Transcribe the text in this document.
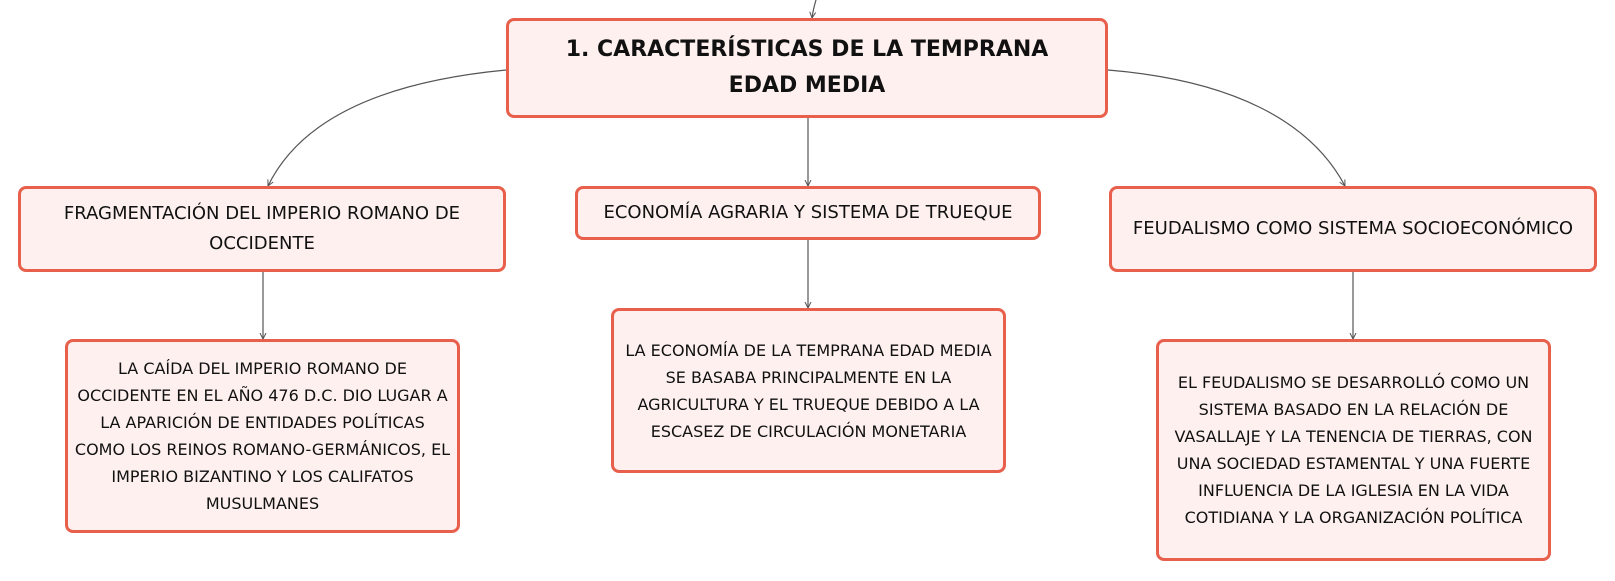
1. CARACTERÍSTICAS DE LA TEMPRANA EDAD MEDIA
FRAGMENTACIÓN DEL IMPERIO ROMANO DE OCCIDENTE
ECONOMÍA AGRARIA Y SISTEMA DE TRUEQUE
FEUDALISMO COMO SISTEMA SOCIOECONÓMICO
LA CAÍDA DEL IMPERIO ROMANO DE OCCIDENTE EN EL AÑO 476 D.C. DIO LUGAR A LA APARICIÓN DE ENTIDADES POLÍTICAS COMO LOS REINOS ROMANO-GERMÁNICOS, EL IMPERIO BIZANTINO Y LOS CALIFATOS MUSULMANES
LA ECONOMÍA DE LA TEMPRANA EDAD MEDIA SE BASABA PRINCIPALMENTE EN LA AGRICULTURA Y EL TRUEQUE DEBIDO A LA ESCASEZ DE CIRCULACIÓN MONETARIA
EL FEUDALISMO SE DESARROLLÓ COMO UN SISTEMA BASADO EN LA RELACIÓN DE VASALLAJE Y LA TENENCIA DE TIERRAS, CON UNA SOCIEDAD ESTAMENTAL Y UNA FUERTE INFLUENCIA DE LA IGLESIA EN LA VIDA COTIDIANA Y LA ORGANIZACIÓN POLÍTICA
